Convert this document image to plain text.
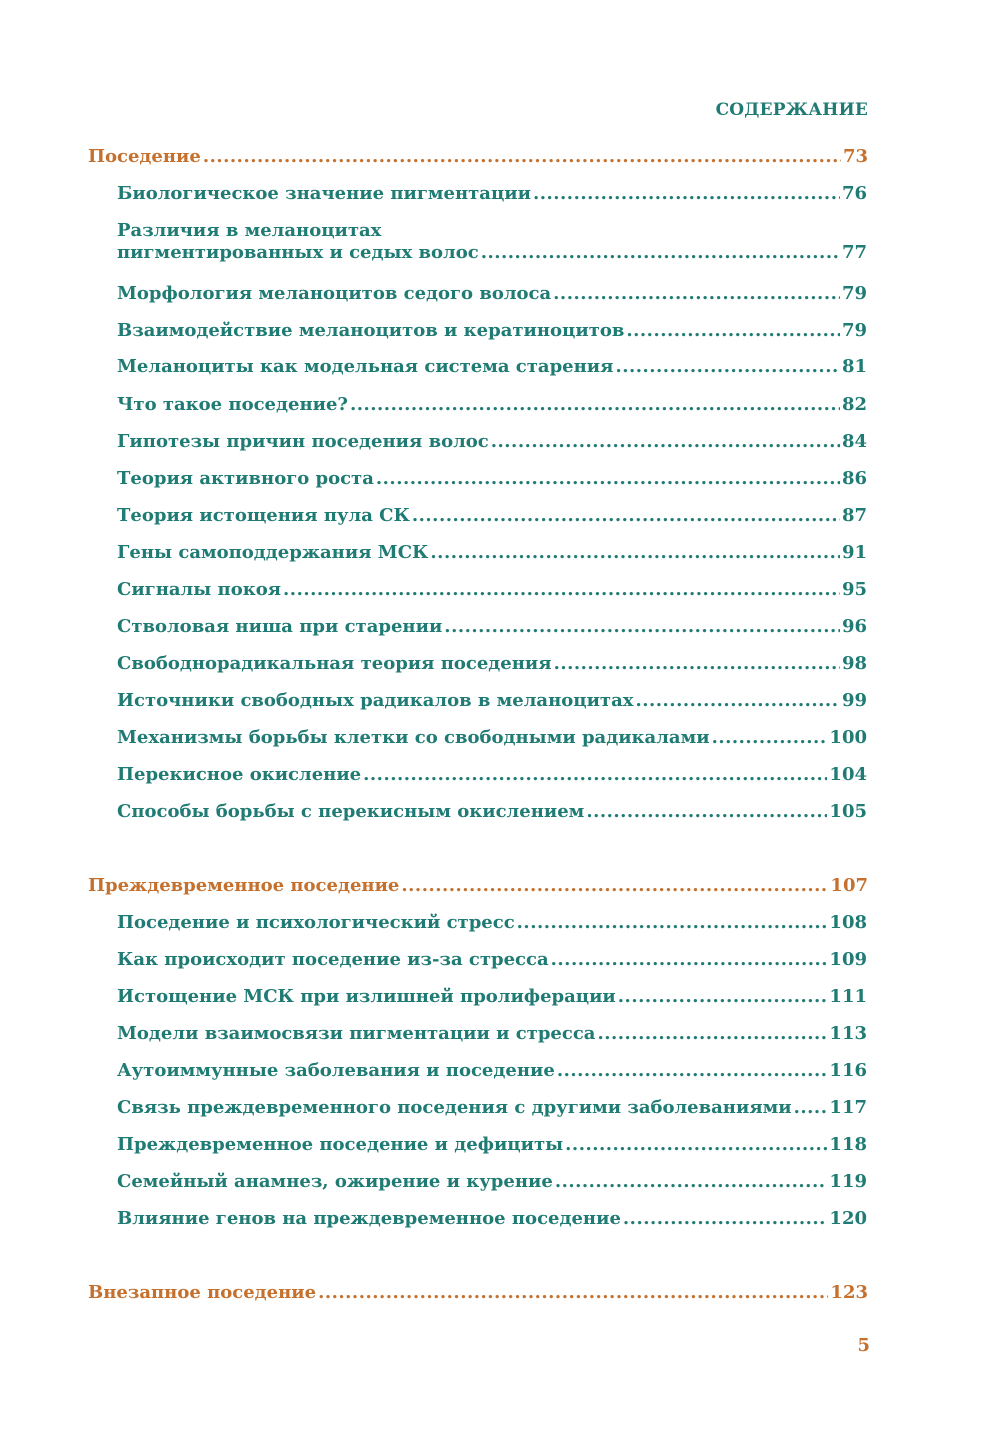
СОДЕРЖАНИЕ
Поседение .....	73
Биологическое значение пигментации .....	76
Различия в меланоцитах
пигментированных и седых волос .....	77
Морфология меланоцитов седого волоса .....	79
Взаимодействие меланоцитов и кератиноцитов .....	79
Меланоциты как модельная система старения .....	81
Что такое поседение? .....	82
Гипотезы причин поседения волос .....	84
Теория активного роста .....	86
Теория истощения пула СК .....	87
Гены самоподдержания МСК .....	91
Сигналы покоя .....	95
Стволовая ниша при старении .....	96
Свободнорадикальная теория поседения .....	98
Источники свободных радикалов в меланоцитах .....	99
Механизмы борьбы клетки со свободными радикалами .....	100
Перекисное окисление .....	104
Способы борьбы с перекисным окислением .....	105
Преждевременное поседение .....	107
Поседение и психологический стресс .....	108
Как происходит поседение из-за стресса .....	109
Истощение МСК при излишней пролиферации .....	111
Модели взаимосвязи пигментации и стресса .....	113
Аутоиммунные заболевания и поседение .....	116
Связь преждевременного поседения с другими заболеваниями ..... 117
Преждевременное поседение и дефициты .....	118
Семейный анамнез, ожирение и курение .....	119
Влияние генов на преждевременное поседение .....	120
Внезапное поседение .....	123
5
